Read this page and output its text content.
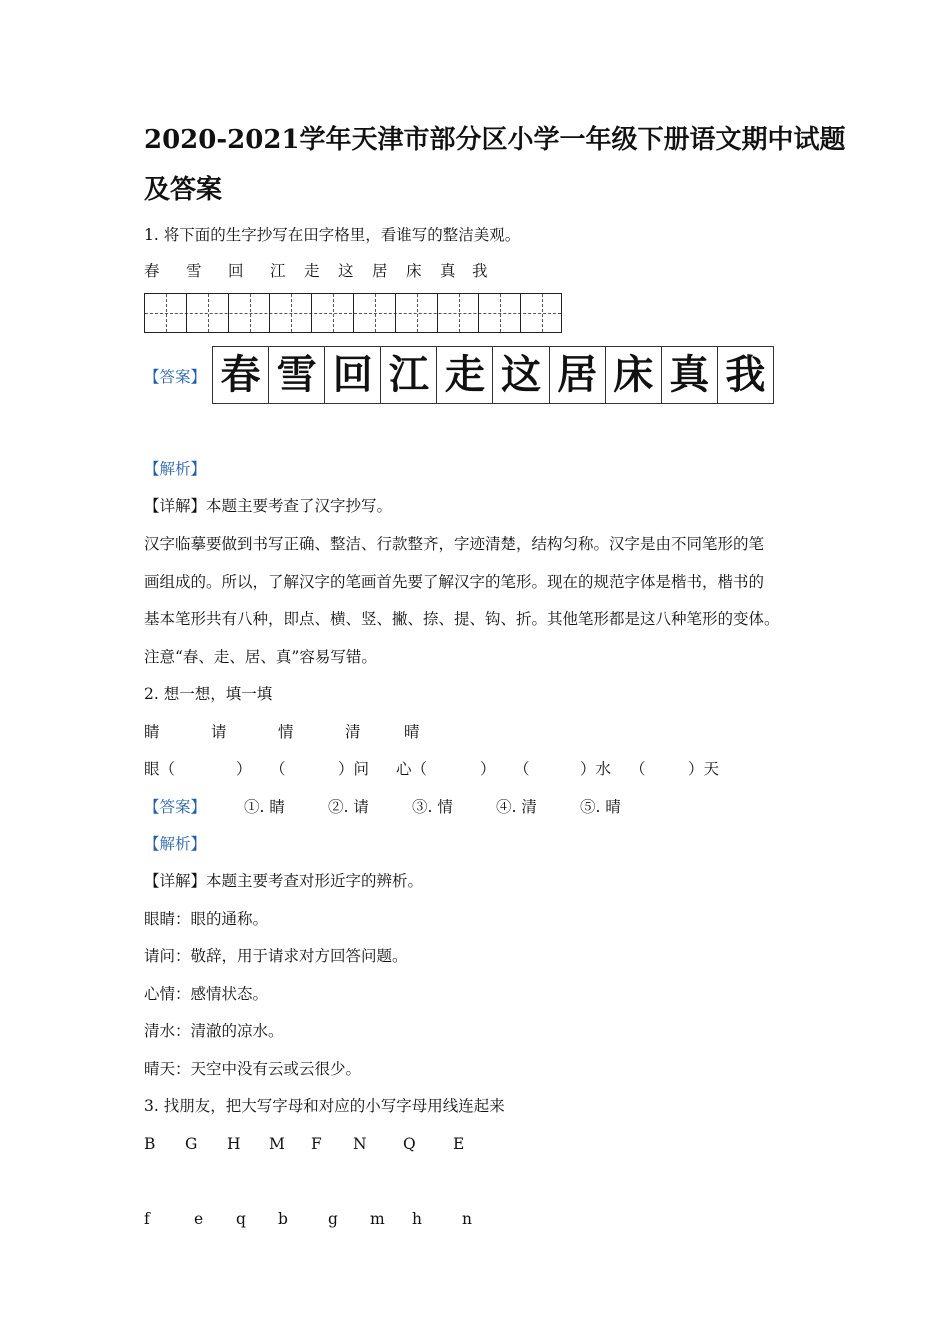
2020-2021学年天津市部分区小学一年级下册语文期中试题
及答案
1. 将下面的生字抄写在田字格里，看谁写的整洁美观。
春 雪 回 江 走 这 居 床 真 我
【答案】 春 雪 回 江 走 这 居 床 真 我
【解析】
【详解】本题主要考查了汉字抄写。
汉字临摹要做到书写正确、整洁、行款整齐，字迹清楚，结构匀称。汉字是由不同笔形的笔
画组成的。所以，了解汉字的笔画首先要了解汉字的笔形。现在的规范字体是楷书，楷书的
基本笔形共有八种，即点、横、竖、撇、捺、提、钩、折。其他笔形都是这八种笔形的变体。
注意“春、走、居、真”容易写错。
2. 想一想，填一填
睛	请	情	清	晴
眼（	） （	）问 心（	） （	）水 （	）天
【答案】 ①. 睛	②. 请	③. 情	④. 清	⑤. 晴
【解析】
【详解】本题主要考查对形近字的辨析。
眼睛：眼的通称。
请问：敬辞，用于请求对方回答问题。
心情：感情状态。
清水：清澈的凉水。
晴天：天空中没有云或云很少。
3. 找朋友，把大写字母和对应的小写字母用线连起来
B G H M F N Q E
f	e q b	g m h	n
